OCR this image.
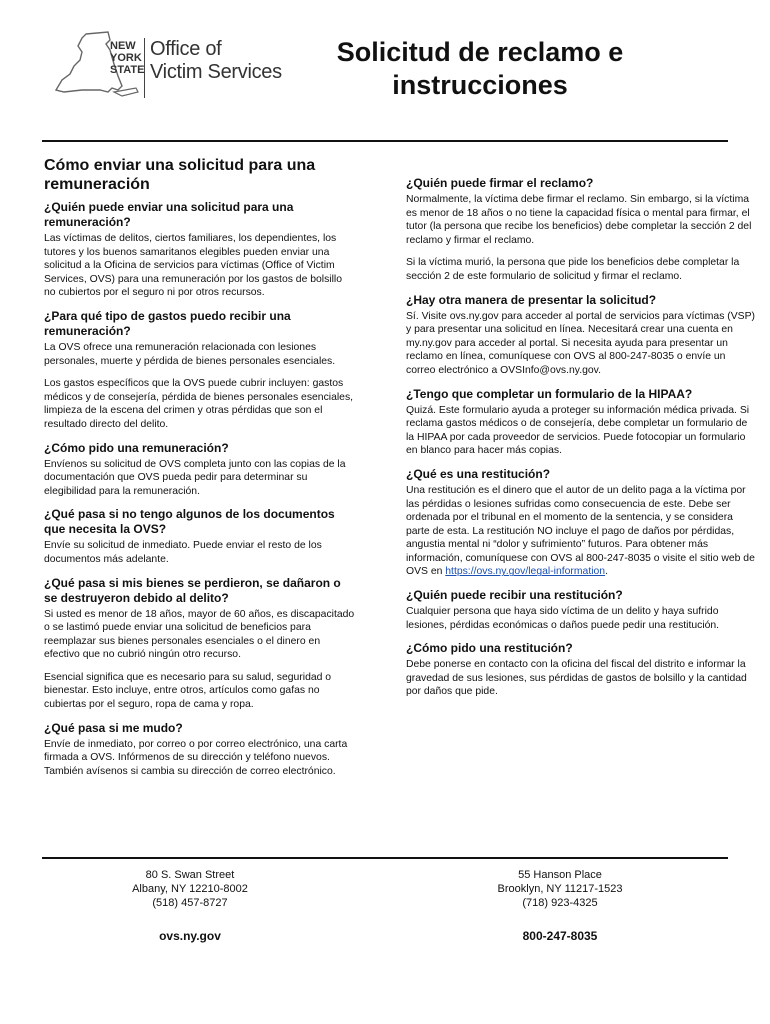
NEW
YORK
STATE
Office of
Victim Services
Solicitud de reclamo e
instrucciones
Cómo enviar una solicitud para una remuneración
¿Quién puede enviar una solicitud para una remuneración?
Las víctimas de delitos, ciertos familiares, los dependientes, los tutores y los buenos samaritanos elegibles pueden enviar una solicitud a la Oficina de servicios para víctimas (Office of Victim Services, OVS) para una remuneración por los gastos de bolsillo no cubiertos por el seguro ni por otros recursos.
¿Para qué tipo de gastos puedo recibir una remuneración?
La OVS ofrece una remuneración relacionada con lesiones personales, muerte y pérdida de bienes personales esenciales.
Los gastos específicos que la OVS puede cubrir incluyen: gastos médicos y de consejería, pérdida de bienes personales esenciales, limpieza de la escena del crimen y otras pérdidas que son el resultado directo del delito.
¿Cómo pido una remuneración?
Envíenos su solicitud de OVS completa junto con las copias de la documentación que OVS pueda pedir para determinar su elegibilidad para la remuneración.
¿Qué pasa si no tengo algunos de los documentos que necesita la OVS?
Envíe su solicitud de inmediato. Puede enviar el resto de los documentos más adelante.
¿Qué pasa si mis bienes se perdieron, se dañaron o se destruyeron debido al delito?
Si usted es menor de 18 años, mayor de 60 años, es discapacitado o se lastimó puede enviar una solicitud de beneficios para reemplazar sus bienes personales esenciales o el dinero en efectivo que no cubrió ningún otro recurso.
Esencial significa que es necesario para su salud, seguridad o bienestar. Esto incluye, entre otros, artículos como gafas no cubiertas por el seguro, ropa de cama y ropa.
¿Qué pasa si me mudo?
Envíe de inmediato, por correo o por correo electrónico, una carta firmada a OVS. Infórmenos de su dirección y teléfono nuevos. También avísenos si cambia su dirección de correo electrónico.
¿Quién puede firmar el reclamo?
Normalmente, la víctima debe firmar el reclamo. Sin embargo, si la víctima es menor de 18 años o no tiene la capacidad física o mental para firmar, el tutor (la persona que recibe los beneficios) debe completar la sección 2 del reclamo y firmar el reclamo.
Si la víctima murió, la persona que pide los beneficios debe completar la sección 2 de este formulario de solicitud y firmar el reclamo.
¿Hay otra manera de presentar la solicitud?
Sí. Visite ovs.ny.gov para acceder al portal de servicios para víctimas (VSP) y para presentar una solicitud en línea. Necesitará crear una cuenta en my.ny.gov para acceder al portal. Si necesita ayuda para presentar un reclamo en línea, comuníquese con OVS al 800-247-8035 o envíe un correo electrónico a OVSInfo@ovs.ny.gov.
¿Tengo que completar un formulario de la HIPAA?
Quizá. Este formulario ayuda a proteger su información médica privada. Si reclama gastos médicos o de consejería, debe completar un formulario de la HIPAA por cada proveedor de servicios. Puede fotocopiar un formulario en blanco para hacer más copias.
¿Qué es una restitución?
Una restitución es el dinero que el autor de un delito paga a la víctima por las pérdidas o lesiones sufridas como consecuencia de este. Debe ser ordenada por el tribunal en el momento de la sentencia, y se considera parte de esta. La restitución NO incluye el pago de daños por pérdidas, angustia mental ni “dolor y sufrimiento” futuros. Para obtener más información, comuníquese con OVS al 800-247-8035 o visite el sitio web de OVS en https://ovs.ny.gov/legal-information.
¿Quién puede recibir una restitución?
Cualquier persona que haya sido víctima de un delito y haya sufrido lesiones, pérdidas económicas o daños puede pedir una restitución.
¿Cómo pido una restitución?
Debe ponerse en contacto con la oficina del fiscal del distrito e informar la gravedad de sus lesiones, sus pérdidas de gastos de bolsillo y la cantidad por daños que pide.
80 S. Swan Street
Albany, NY 12210-8002
(518) 457-8727
55 Hanson Place
Brooklyn, NY 11217-1523
(718) 923-4325
ovs.ny.gov	800-247-8035
